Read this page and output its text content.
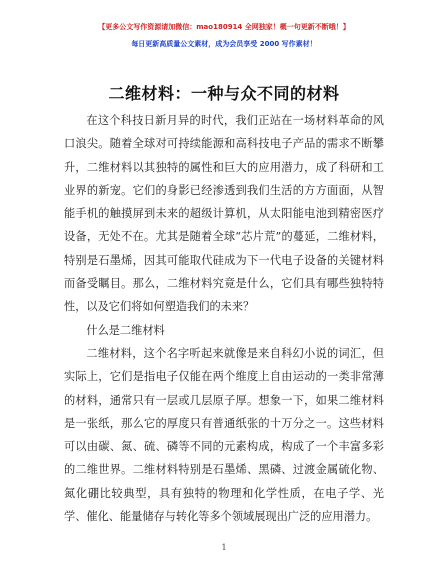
【更多公文写作资源请加微信：mao180914 全网独家！概一句更新不断哦！】
每日更新高质量公文素材，成为会员享受 2000 写作素材！
二维材料：一种与众不同的材料

在这个科技日新月异的时代，我们正站在一场材料革命的风口浪尖。随着全球对可持续能源和高科技电子产品的需求不断攀升，二维材料以其独特的属性和巨大的应用潜力，成了科研和工业界的新宠。它们的身影已经渗透到我们生活的方方面面，从智能手机的触摸屏到未来的超级计算机，从太阳能电池到精密医疗设备，无处不在。尤其是随着全球“芯片荒”的蔓延，二维材料，特别是石墨烯，因其可能取代硅成为下一代电子设备的关键材料而备受瞩目。那么，二维材料究竟是什么，它们具有哪些独特特性，以及它们将如何塑造我们的未来？

什么是二维材料

二维材料，这个名字听起来就像是来自科幻小说的词汇，但实际上，它们是指电子仅能在两个维度上自由运动的一类非常薄的材料，通常只有一层或几层原子厚。想象一下，如果二维材料是一张纸，那么它的厚度只有普通纸张的十万分之一。这些材料可以由碳、氮、硫、磷等不同的元素构成，构成了一个丰富多彩的二维世界。二维材料特别是石墨烯、黑磷、过渡金属硫化物、氮化硼比较典型，具有独特的物理和化学性质，在电子学、光学、催化、能量储存与转化等多个领域展现出广泛的应用潜力。

1
